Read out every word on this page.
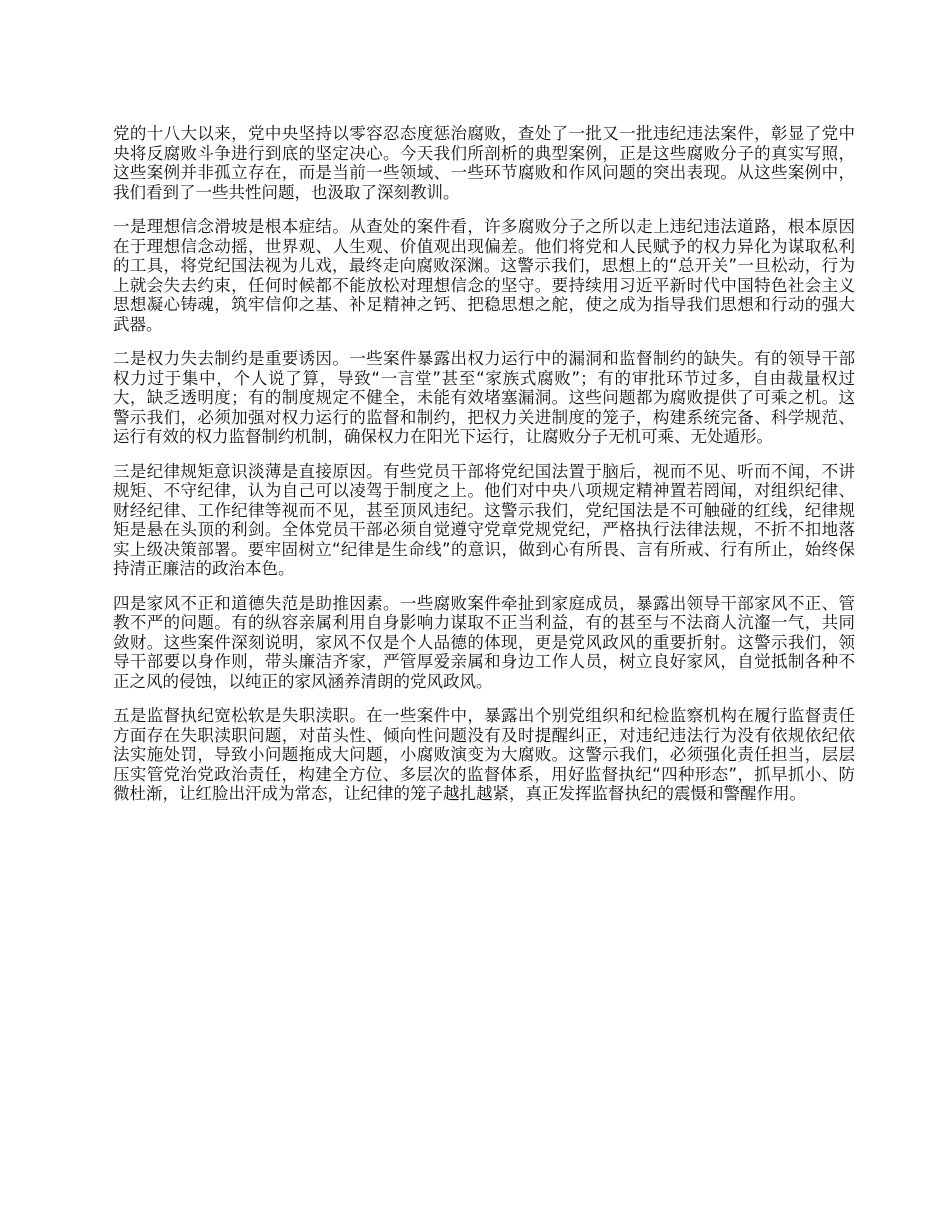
党的十八大以来，党中央坚持以零容忍态度惩治腐败，查处了一批又一批违纪违法案件，彰显了党中央将反腐败斗争进行到底的坚定决心。今天我们所剖析的典型案例，正是这些腐败分子的真实写照，这些案例并非孤立存在，而是当前一些领域、一些环节腐败和作风问题的突出表现。从这些案例中，我们看到了一些共性问题，也汲取了深刻教训。

一是理想信念滑坡是根本症结。从查处的案件看，许多腐败分子之所以走上违纪违法道路，根本原因在于理想信念动摇，世界观、人生观、价值观出现偏差。他们将党和人民赋予的权力异化为谋取私利的工具，将党纪国法视为儿戏，最终走向腐败深渊。这警示我们，思想上的“总开关”一旦松动，行为上就会失去约束，任何时候都不能放松对理想信念的坚守。要持续用习近平新时代中国特色社会主义思想凝心铸魂，筑牢信仰之基、补足精神之钙、把稳思想之舵，使之成为指导我们思想和行动的强大武器。

二是权力失去制约是重要诱因。一些案件暴露出权力运行中的漏洞和监督制约的缺失。有的领导干部权力过于集中，个人说了算，导致“一言堂”甚至“家族式腐败”；有的审批环节过多，自由裁量权过大，缺乏透明度；有的制度规定不健全，未能有效堵塞漏洞。这些问题都为腐败提供了可乘之机。这警示我们，必须加强对权力运行的监督和制约，把权力关进制度的笼子，构建系统完备、科学规范、运行有效的权力监督制约机制，确保权力在阳光下运行，让腐败分子无机可乘、无处遁形。

三是纪律规矩意识淡薄是直接原因。有些党员干部将党纪国法置于脑后，视而不见、听而不闻，不讲规矩、不守纪律，认为自己可以凌驾于制度之上。他们对中央八项规定精神置若罔闻，对组织纪律、财经纪律、工作纪律等视而不见，甚至顶风违纪。这警示我们，党纪国法是不可触碰的红线，纪律规矩是悬在头顶的利剑。全体党员干部必须自觉遵守党章党规党纪，严格执行法律法规，不折不扣地落实上级决策部署。要牢固树立“纪律是生命线”的意识，做到心有所畏、言有所戒、行有所止，始终保持清正廉洁的政治本色。

四是家风不正和道德失范是助推因素。一些腐败案件牵扯到家庭成员，暴露出领导干部家风不正、管教不严的问题。有的纵容亲属利用自身影响力谋取不正当利益，有的甚至与不法商人沆瀣一气，共同敛财。这些案件深刻说明，家风不仅是个人品德的体现，更是党风政风的重要折射。这警示我们，领导干部要以身作则，带头廉洁齐家，严管厚爱亲属和身边工作人员，树立良好家风，自觉抵制各种不正之风的侵蚀，以纯正的家风涵养清朗的党风政风。

五是监督执纪宽松软是失职渎职。在一些案件中，暴露出个别党组织和纪检监察机构在履行监督责任方面存在失职渎职问题，对苗头性、倾向性问题没有及时提醒纠正，对违纪违法行为没有依规依纪依法实施处罚，导致小问题拖成大问题，小腐败演变为大腐败。这警示我们，必须强化责任担当，层层压实管党治党政治责任，构建全方位、多层次的监督体系，用好监督执纪“四种形态”，抓早抓小、防微杜渐，让红脸出汗成为常态，让纪律的笼子越扎越紧，真正发挥监督执纪的震慑和警醒作用。
